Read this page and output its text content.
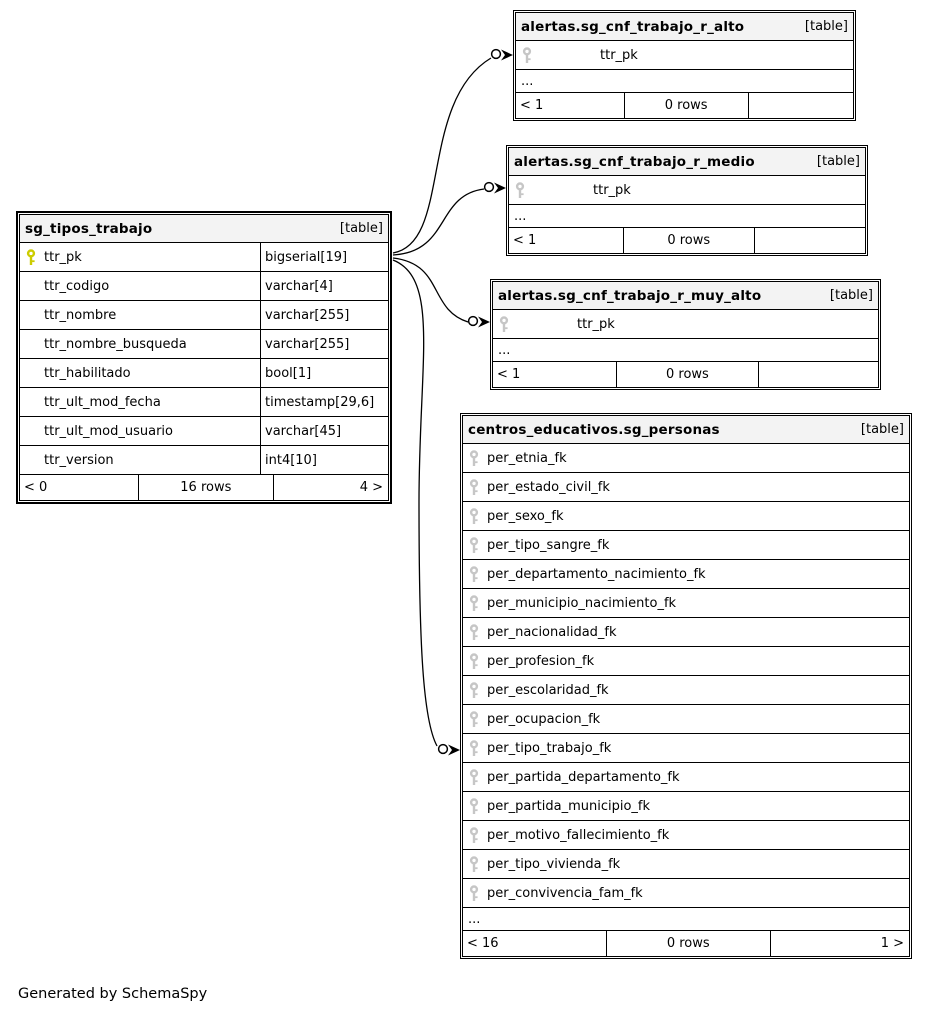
sg_tipos_trabajo	[table]
ttr_pk	bigserial[19]
ttr_codigo	varchar[4]
ttr_nombre	varchar[255]
ttr_nombre_busqueda	varchar[255]
ttr_habilitado	bool[1]
ttr_ult_mod_fecha	timestamp[29,6]
ttr_ult_mod_usuario	varchar[45]
ttr_version	int4[10]
< 0	16 rows	4 >
alertas.sg_cnf_trabajo_r_alto	[table]
ttr_pk
...
< 1	0 rows
alertas.sg_cnf_trabajo_r_medio	[table]
ttr_pk
...
< 1	0 rows
alertas.sg_cnf_trabajo_r_muy_alto	[table]
ttr_pk
...
< 1	0 rows
centros_educativos.sg_personas	[table]
per_etnia_fk
per_estado_civil_fk
per_sexo_fk
per_tipo_sangre_fk
per_departamento_nacimiento_fk
per_municipio_nacimiento_fk
per_nacionalidad_fk
per_profesion_fk
per_escolaridad_fk
per_ocupacion_fk
per_tipo_trabajo_fk
per_partida_departamento_fk
per_partida_municipio_fk
per_motivo_fallecimiento_fk
per_tipo_vivienda_fk
per_convivencia_fam_fk
...
< 16	0 rows	1 >
Generated by SchemaSpy
